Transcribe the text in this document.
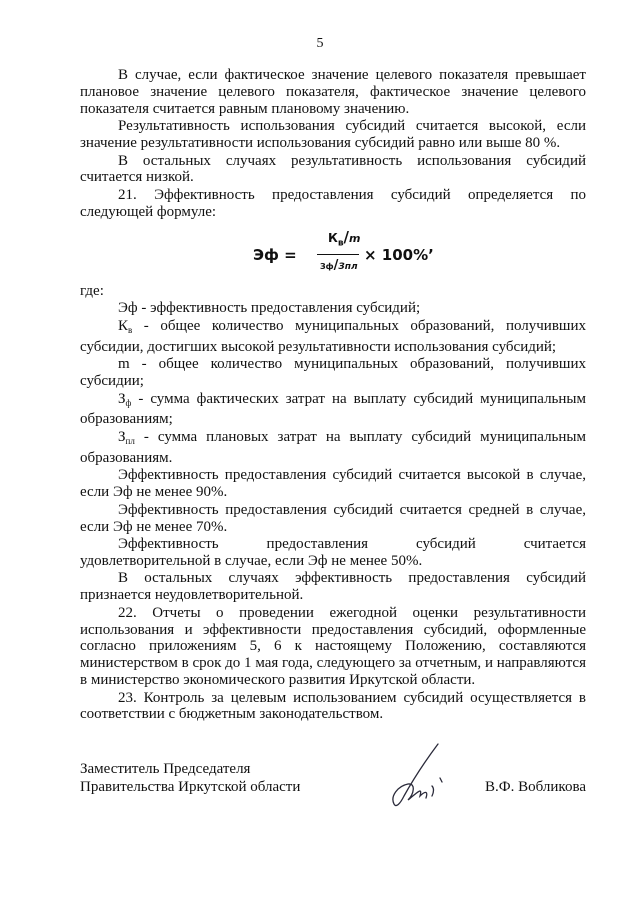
5

В случае, если фактическое значение целевого показателя превышает плановое значение целевого показателя, фактическое значение целевого показателя считается равным плановому значению.

Результативность использования субсидий считается высокой, если значение результативности использования субсидий равно или выше 80 %.

В остальных случаях результативность использования субсидий считается низкой.

21. Эффективность предоставления субсидий определяется по следующей формуле:

Эф =
$К_в/m$
Зф/Зпл
× 100%’

где:

Эф - эффективность предоставления субсидий;

$К_в$ - общее количество муниципальных образований, получивших субсидии, достигших высокой результативности использования субсидий;

m - общее количество муниципальных образований, получивших субсидии;

$З_ф$ - сумма фактических затрат на выплату субсидий муниципальным образованиям;

$З_{пл}$ - сумма плановых затрат на выплату субсидий муниципальным образованиям.

Эффективность предоставления субсидий считается высокой в случае, если Эф не менее 90%.

Эффективность предоставления субсидий считается средней в случае, если Эф не менее 70%.

Эффективность предоставления субсидий считается удовлетворительной в случае, если Эф не менее 50%.

В остальных случаях эффективность предоставления субсидий признается неудовлетворительной.

22. Отчеты о проведении ежегодной оценки результативности использования и эффективности предоставления субсидий, оформленные согласно приложениям 5, 6 к настоящему Положению, составляются министерством в срок до 1 мая года, следующего за отчетным, и направляются в министерство экономического развития Иркутской области.

23. Контроль за целевым использованием субсидий осуществляется в соответствии с бюджетным законодательством.

Заместитель Председателя
Правительства Иркутской области	В.Ф. Вобликова
